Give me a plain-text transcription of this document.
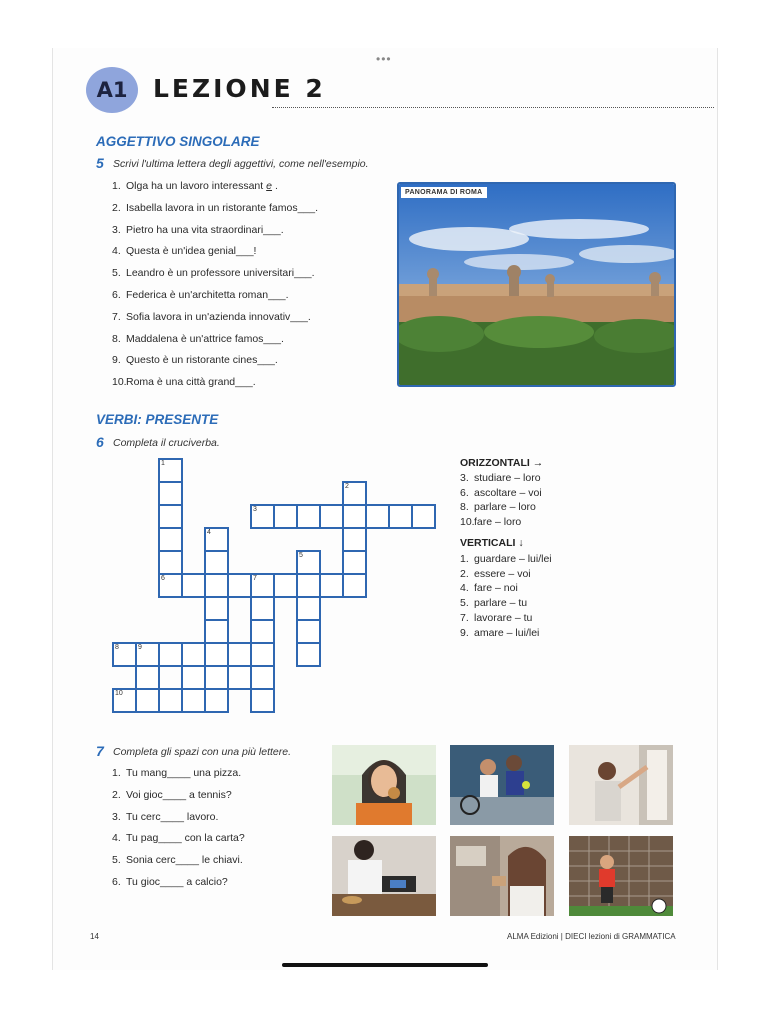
•••
A1 LEZIONE 2
AGGETTIVO SINGOLARE
5 Scrivi l'ultima lettera degli aggettivi, come nell'esempio.
1. Olga ha un lavoro interessant e .
2. Isabella lavora in un ristorante famos___.
3. Pietro ha una vita straordinari___.
4. Questa è un'idea genial___!
5. Leandro è un professore universitari___.
6. Federica è un'architetta roman___.
7. Sofia lavora in un'azienda innovativ___.
8. Maddalena è un'attrice famos___.
9. Questo è un ristorante cines___.
10.Roma è una città grand___.
PANORAMA DI ROMA
VERBI: PRESENTE
6 Completa il cruciverba.
1
2
3
4
5
6	7
8	9
10
ORIZZONTALI →
3. studiare – loro
6. ascoltare – voi
8. parlare – loro
10.fare – loro
VERTICALI ↓
1. guardare – lui/lei
2. essere – voi
4. fare – noi
5. parlare – tu
7. lavorare – tu
9. amare – lui/lei
7 Completa gli spazi con una più lettere.
1. Tu mang____ una pizza.
2. Voi gioc____ a tennis?
3. Tu cerc____ lavoro.
4. Tu pag____ con la carta?
5. Sonia cerc____ le chiavi.
6. Tu gioc____ a calcio?
14	ALMA Edizioni | DIECI lezioni di GRAMMATICA
